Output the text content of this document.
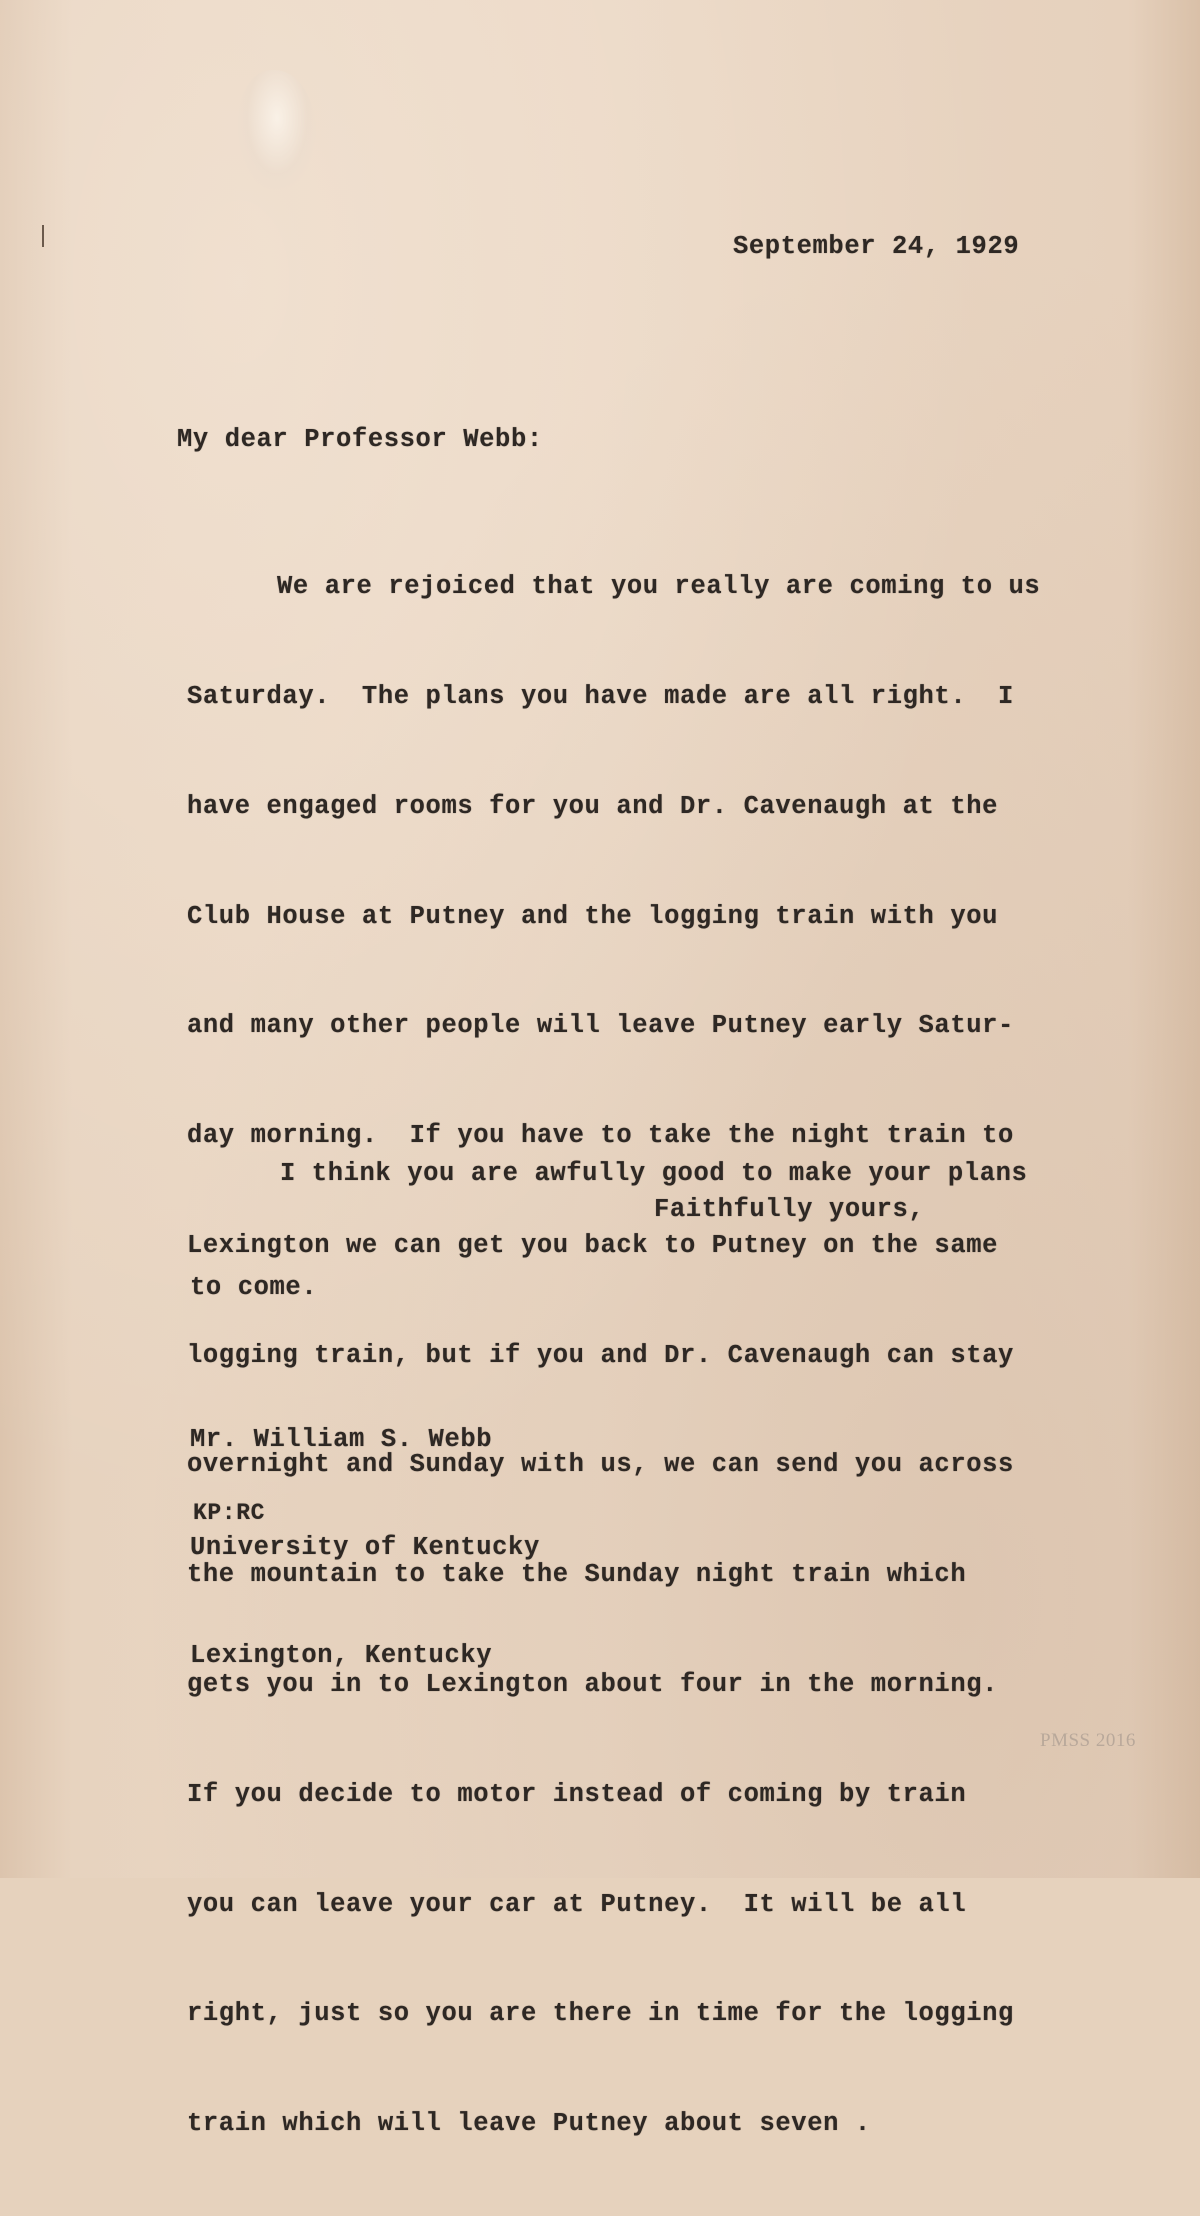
September 24, 1929
My dear Professor Webb:

We are rejoiced that you really are coming to us

Saturday.  The plans you have made are all right.  I

have engaged rooms for you and Dr. Cavenaugh at the

Club House at Putney and the logging train with you

and many other people will leave Putney early Satur-

day morning.  If you have to take the night train to

Lexington we can get you back to Putney on the same

logging train, but if you and Dr. Cavenaugh can stay

overnight and Sunday with us, we can send you across

the mountain to take the Sunday night train which

gets you in to Lexington about four in the morning.

If you decide to motor instead of coming by train

you can leave your car at Putney.  It will be all

right, just so you are there in time for the logging

train which will leave Putney about seven .

I think you are awfully good to make your plans

to come.

Faithfully yours,

Mr. William S. Webb

University of Kentucky

Lexington, Kentucky

KP:RC
PMSS 2016
